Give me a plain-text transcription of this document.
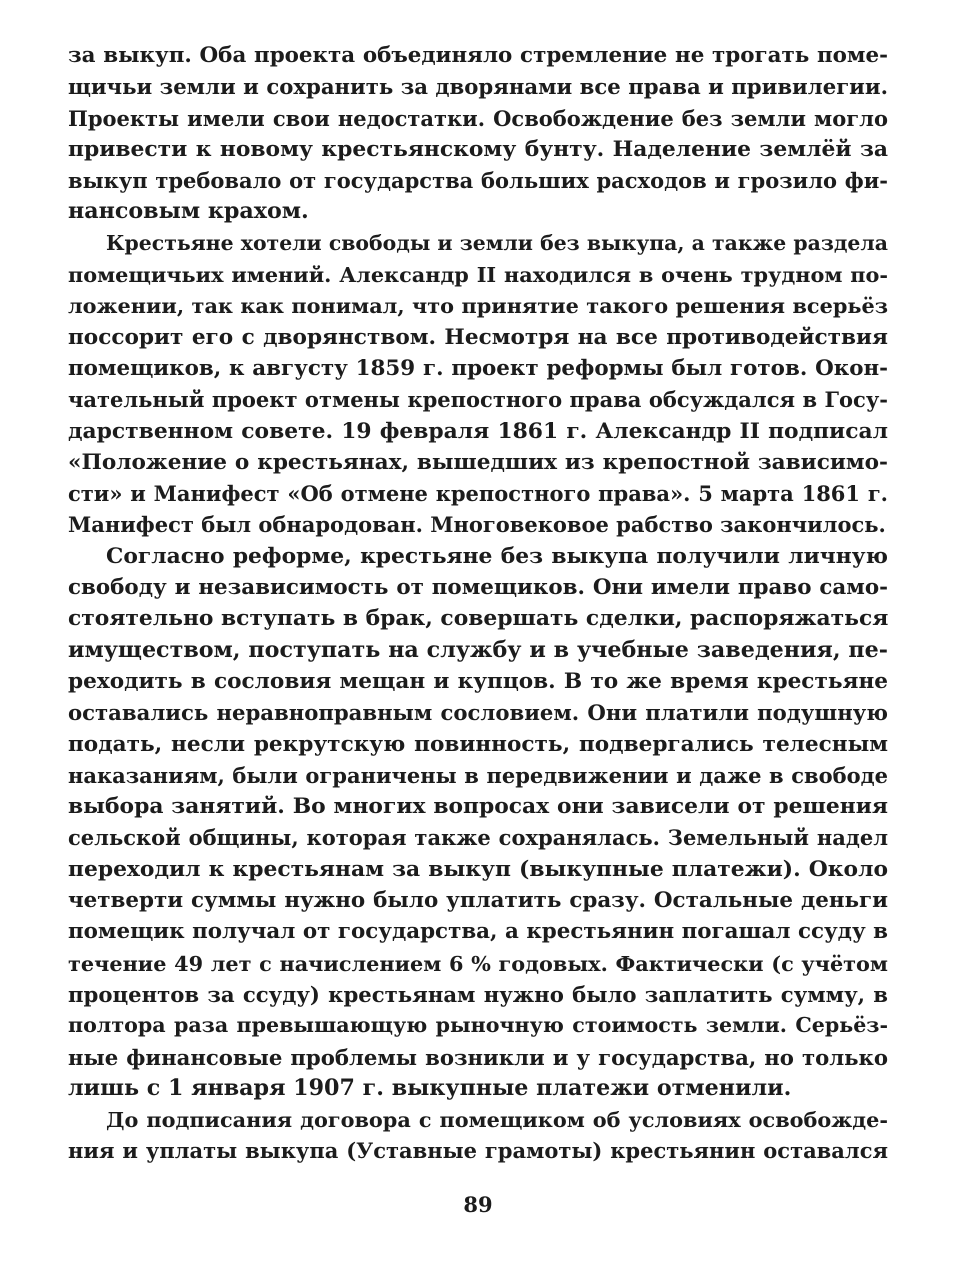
за выкуп. Оба проекта объединяло стремление не трогать поме-
щичьи земли и сохранить за дворянами все права и привилегии.
Проекты имели свои недостатки. Освобождение без земли могло
привести к новому крестьянскому бунту. Наделение землёй за
выкуп требовало от государства больших расходов и грозило фи-
нансовым крахом.
Крестьяне хотели свободы и земли без выкупа, а также раздела
помещичьих имений. Александр II находился в очень трудном по-
ложении, так как понимал, что принятие такого решения всерьёз
поссорит его с дворянством. Несмотря на все противодействия
помещиков, к августу 1859 г. проект реформы был готов. Окон-
чательный проект отмены крепостного права обсуждался в Госу-
дарственном совете. 19 февраля 1861 г. Александр II подписал
«Положение о крестьянах, вышедших из крепостной зависимо-
сти» и Манифест «Об отмене крепостного права». 5 марта 1861 г.
Манифест был обнародован. Многовековое рабство закончилось.
Согласно реформе, крестьяне без выкупа получили личную
свободу и независимость от помещиков. Они имели право само-
стоятельно вступать в брак, совершать сделки, распоряжаться
имуществом, поступать на службу и в учебные заведения, пе-
реходить в сословия мещан и купцов. В то же время крестьяне
оставались неравноправным сословием. Они платили подушную
подать, несли рекрутскую повинность, подвергались телесным
наказаниям, были ограничены в передвижении и даже в свободе
выбора занятий. Во многих вопросах они зависели от решения
сельской общины, которая также сохранялась. Земельный надел
переходил к крестьянам за выкуп (выкупные платежи). Около
четверти суммы нужно было уплатить сразу. Остальные деньги
помещик получал от государства, а крестьянин погашал ссуду в
течение 49 лет с начислением 6 % годовых. Фактически (с учётом
процентов за ссуду) крестьянам нужно было заплатить сумму, в
полтора раза превышающую рыночную стоимость земли. Серьёз-
ные финансовые проблемы возникли и у государства, но только
лишь с 1 января 1907 г. выкупные платежи отменили.
До подписания договора с помещиком об условиях освобожде-
ния и уплаты выкупа (Уставные грамоты) крестьянин оставался
89
